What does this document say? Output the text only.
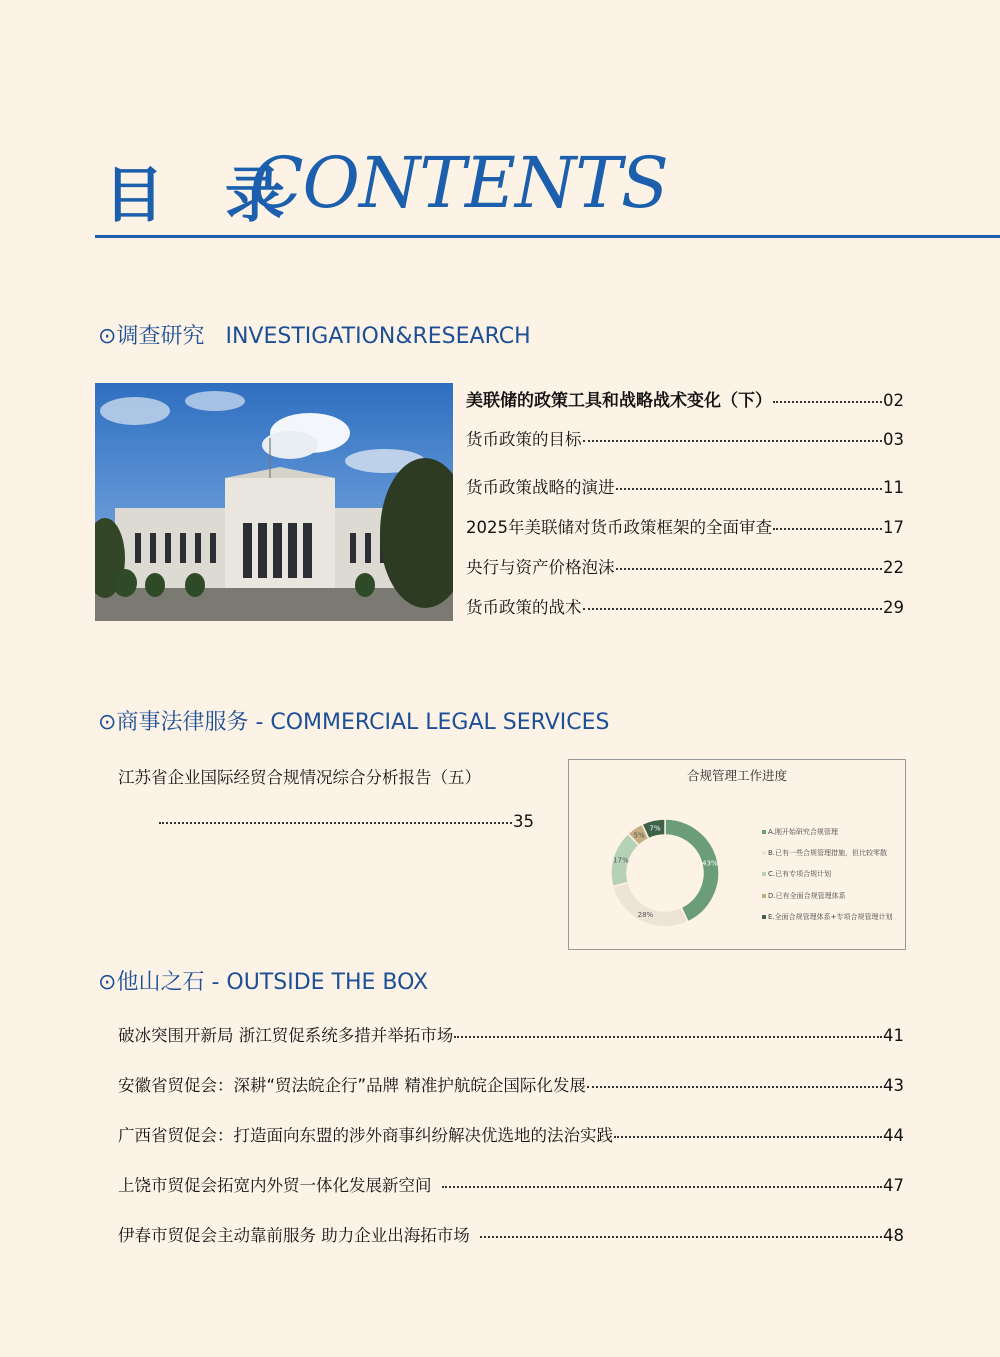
目 录
CONTENTS
⊙调查研究 INVESTIGATION&RESEARCH
美联储的政策工具和战略战术变化（下）	02
货币政策的目标	03
货币政策战略的演进	11
2025年美联储对货币政策框架的全面审查	17
央行与资产价格泡沫	22
货币政策的战术	29
⊙商事法律服务 - COMMERCIAL LEGAL SERVICES
江苏省企业国际经贸合规情况综合分析报告（五）
35
合规管理工作进度
43%
28%
17%
5%
7%	A.刚开始研究合规管理
B.已有一些合规管理措施，但比较零散
C.已有专项合规计划
D.已有全面合规管理体系
E.全面合规管理体系+专项合规管理计划
⊙他山之石 - OUTSIDE THE BOX
破冰突围开新局 浙江贸促系统多措并举拓市场	41
安徽省贸促会：深耕“贸法皖企行”品牌 精准护航皖企国际化发展	43
广西省贸促会：打造面向东盟的涉外商事纠纷解决优选地的法治实践	44
上饶市贸促会拓宽内外贸一体化发展新空间	47
伊春市贸促会主动靠前服务 助力企业出海拓市场	48
